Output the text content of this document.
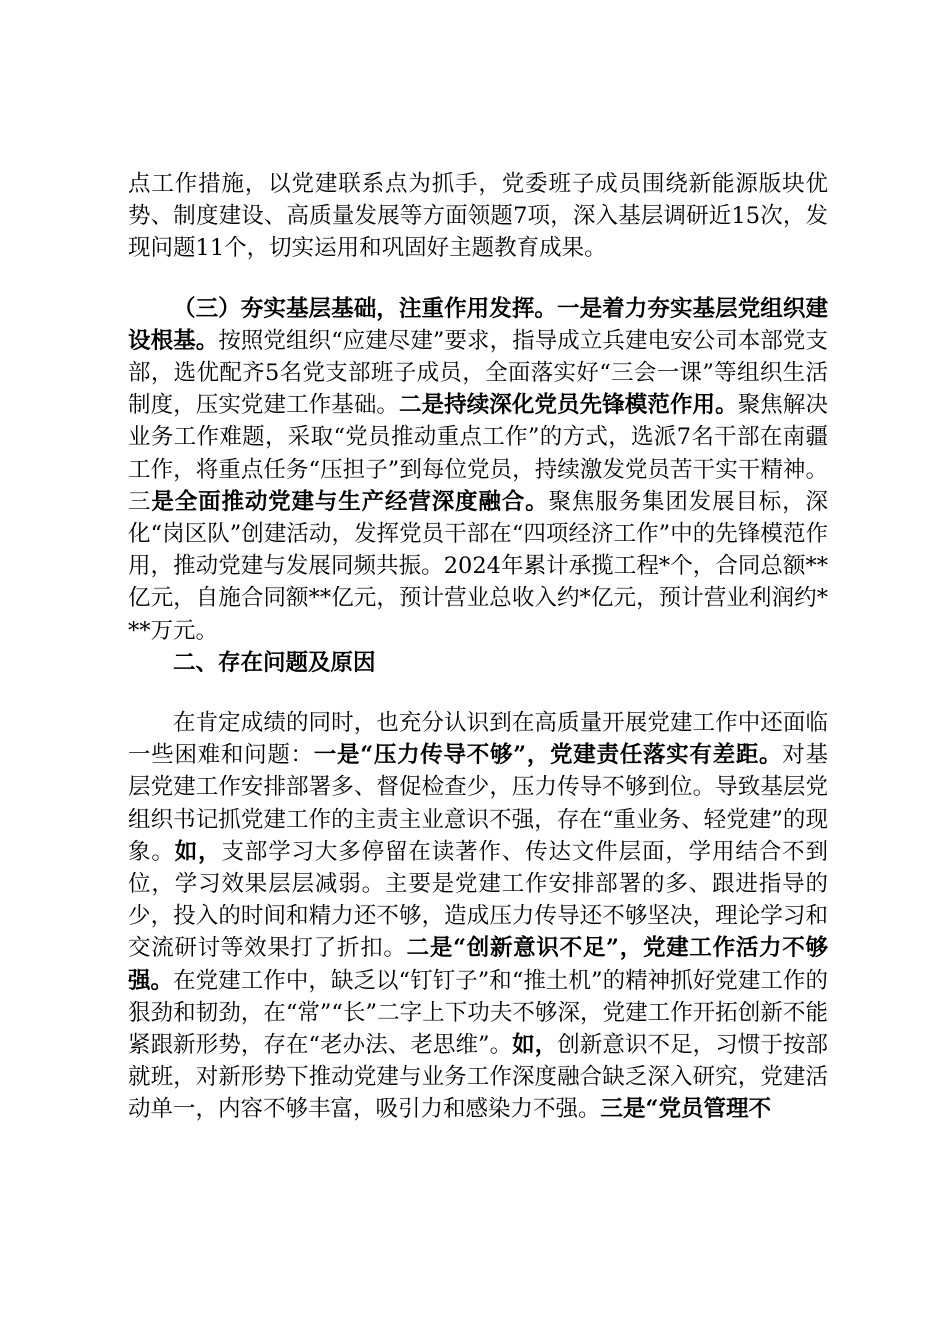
点工作措施，以党建联系点为抓手，党委班子成员围绕新能源版块优势、制度建设、高质量发展等方面领题7项，深入基层调研近15次，发现问题11个，切实运用和巩固好主题教育成果。

（三）夯实基层基础，注重作用发挥。一是着力夯实基层党组织建设根基。按照党组织“应建尽建”要求，指导成立兵建电安公司本部党支部，选优配齐5名党支部班子成员，全面落实好“三会一课”等组织生活制度，压实党建工作基础。二是持续深化党员先锋模范作用。聚焦解决业务工作难题，采取“党员推动重点工作”的方式，选派7名干部在南疆工作，将重点任务“压担子”到每位党员，持续激发党员苦干实干精神。三是全面推动党建与生产经营深度融合。聚焦服务集团发展目标，深化“岗区队”创建活动，发挥党员干部在“四项经济工作”中的先锋模范作用，推动党建与发展同频共振。2024年累计承揽工程*个，合同总额**亿元，自施合同额**亿元，预计营业总收入约*亿元，预计营业利润约***万元。

二、存在问题及原因

在肯定成绩的同时，也充分认识到在高质量开展党建工作中还面临一些困难和问题：一是“压力传导不够”，党建责任落实有差距。对基层党建工作安排部署多、督促检查少，压力传导不够到位。导致基层党组织书记抓党建工作的主责主业意识不强，存在“重业务、轻党建”的现象。如，支部学习大多停留在读著作、传达文件层面，学用结合不到位，学习效果层层减弱。主要是党建工作安排部署的多、跟进指导的少，投入的时间和精力还不够，造成压力传导还不够坚决，理论学习和交流研讨等效果打了折扣。二是“创新意识不足”，党建工作活力不够强。在党建工作中，缺乏以“钉钉子”和“推土机”的精神抓好党建工作的狠劲和韧劲，在“常”“长”二字上下功夫不够深，党建工作开拓创新不能紧跟新形势，存在“老办法、老思维”。如，创新意识不足，习惯于按部就班，对新形势下推动党建与业务工作深度融合缺乏深入研究，党建活动单一，内容不够丰富，吸引力和感染力不强。三是“党员管理不
